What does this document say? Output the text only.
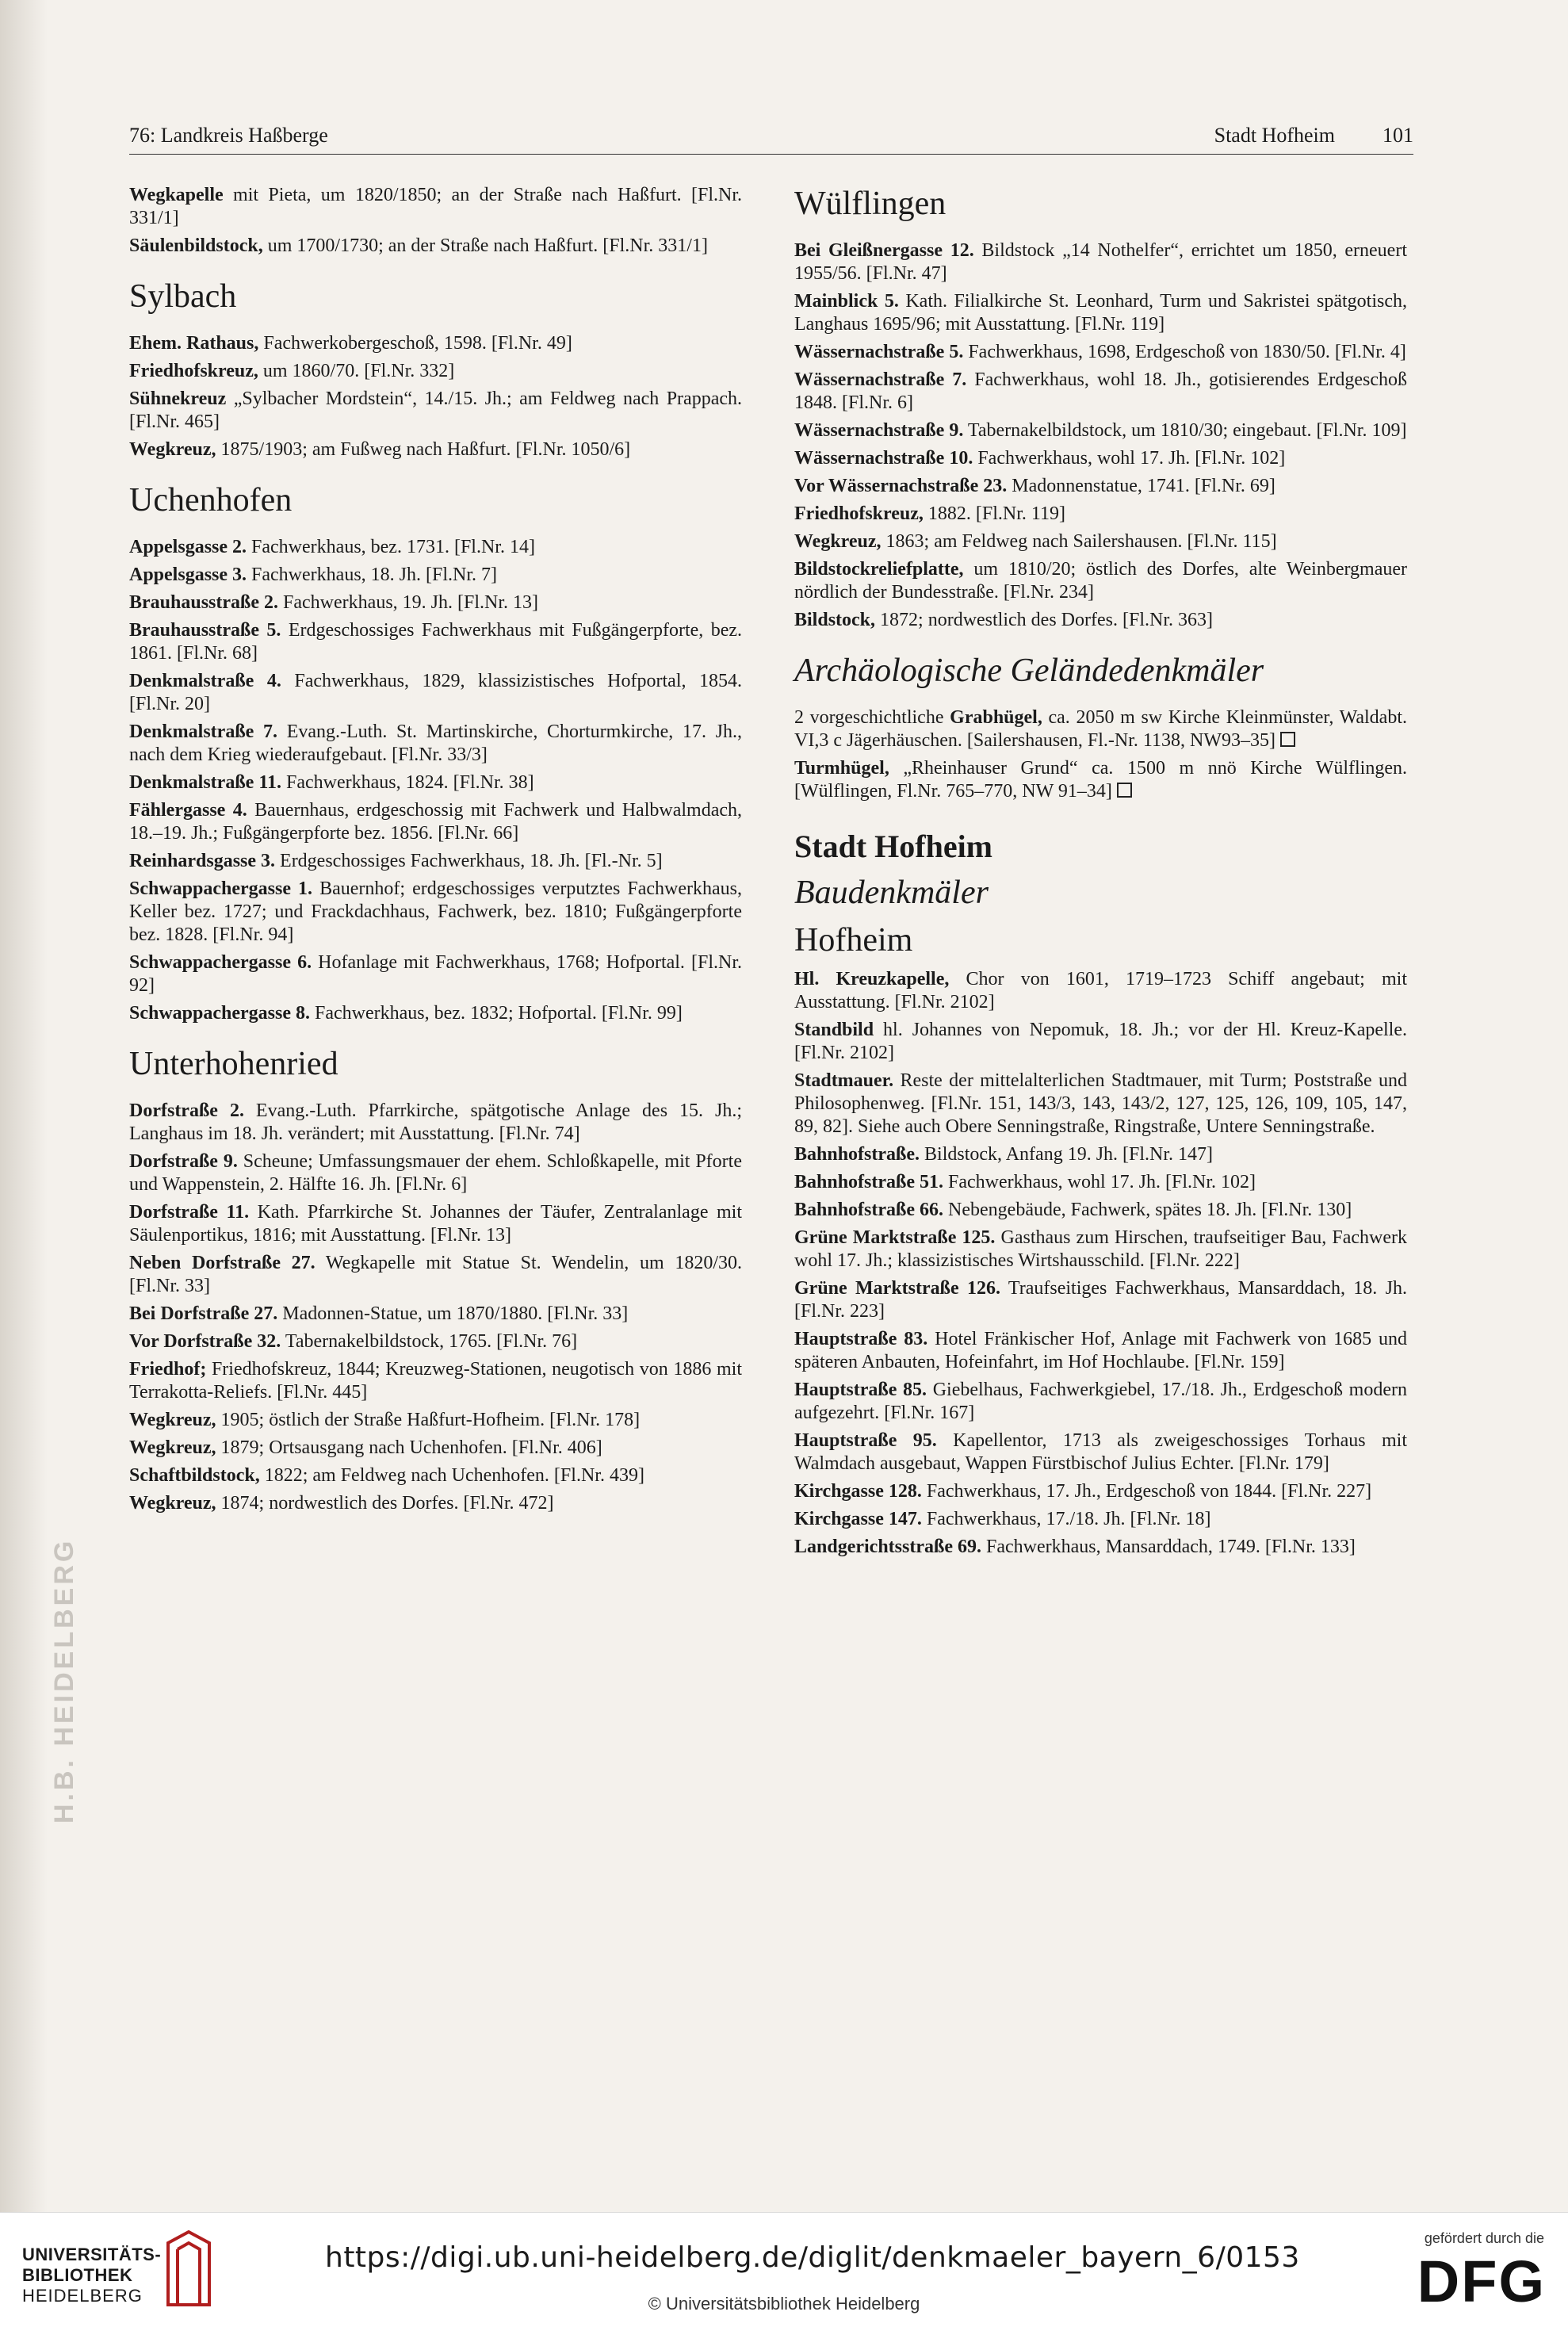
H.B. HEIDELBERG
76: Landkreis Haßberge	Stadt Hofheim 101

Wegkapelle mit Pieta, um 1820/1850; an der Straße nach Haßfurt. [Fl.Nr. 331/1]

Säulenbildstock, um 1700/1730; an der Straße nach Haßfurt. [Fl.Nr. 331/1]

Sylbach

Ehem. Rathaus, Fachwerkobergeschoß, 1598. [Fl.Nr. 49]

Friedhofskreuz, um 1860/70. [Fl.Nr. 332]

Sühnekreuz „Sylbacher Mordstein“, 14./15. Jh.; am Feldweg nach Prappach. [Fl.Nr. 465]

Wegkreuz, 1875/1903; am Fußweg nach Haßfurt. [Fl.Nr. 1050/6]

Uchenhofen

Appelsgasse 2. Fachwerkhaus, bez. 1731. [Fl.Nr. 14]

Appelsgasse 3. Fachwerkhaus, 18. Jh. [Fl.Nr. 7]

Brauhausstraße 2. Fachwerkhaus, 19. Jh. [Fl.Nr. 13]

Brauhausstraße 5. Erdgeschossiges Fachwerkhaus mit Fußgängerpforte, bez. 1861. [Fl.Nr. 68]

Denkmalstraße 4. Fachwerkhaus, 1829, klassizistisches Hofportal, 1854. [Fl.Nr. 20]

Denkmalstraße 7. Evang.-Luth. St. Martinskirche, Chorturmkirche, 17. Jh., nach dem Krieg wiederaufgebaut. [Fl.Nr. 33/3]

Denkmalstraße 11. Fachwerkhaus, 1824. [Fl.Nr. 38]

Fählergasse 4. Bauernhaus, erdgeschossig mit Fachwerk und Halbwalmdach, 18.–19. Jh.; Fußgängerpforte bez. 1856. [Fl.Nr. 66]

Reinhardsgasse 3. Erdgeschossiges Fachwerkhaus, 18. Jh. [Fl.-Nr. 5]

Schwappachergasse 1. Bauernhof; erdgeschossiges verputztes Fachwerkhaus, Keller bez. 1727; und Frackdachhaus, Fachwerk, bez. 1810; Fußgängerpforte bez. 1828. [Fl.Nr. 94]

Schwappachergasse 6. Hofanlage mit Fachwerkhaus, 1768; Hofportal. [Fl.Nr. 92]

Schwappachergasse 8. Fachwerkhaus, bez. 1832; Hofportal. [Fl.Nr. 99]

Unterhohenried

Dorfstraße 2. Evang.-Luth. Pfarrkirche, spätgotische Anlage des 15. Jh.; Langhaus im 18. Jh. verändert; mit Ausstattung. [Fl.Nr. 74]

Dorfstraße 9. Scheune; Umfassungsmauer der ehem. Schloßkapelle, mit Pforte und Wappenstein, 2. Hälfte 16. Jh. [Fl.Nr. 6]

Dorfstraße 11. Kath. Pfarrkirche St. Johannes der Täufer, Zentralanlage mit Säulenportikus, 1816; mit Ausstattung. [Fl.Nr. 13]

Neben Dorfstraße 27. Wegkapelle mit Statue St. Wendelin, um 1820/30. [Fl.Nr. 33]

Bei Dorfstraße 27. Madonnen-Statue, um 1870/1880. [Fl.Nr. 33]

Vor Dorfstraße 32. Tabernakelbildstock, 1765. [Fl.Nr. 76]

Friedhof; Friedhofskreuz, 1844; Kreuzweg-Stationen, neugotisch von 1886 mit Terrakotta-Reliefs. [Fl.Nr. 445]

Wegkreuz, 1905; östlich der Straße Haßfurt-Hofheim. [Fl.Nr. 178]

Wegkreuz, 1879; Ortsausgang nach Uchenhofen. [Fl.Nr. 406]

Schaftbildstock, 1822; am Feldweg nach Uchenhofen. [Fl.Nr. 439]

Wegkreuz, 1874; nordwestlich des Dorfes. [Fl.Nr. 472]

Wülflingen

Bei Gleißnergasse 12. Bildstock „14 Nothelfer“, errichtet um 1850, erneuert 1955/56. [Fl.Nr. 47]

Mainblick 5. Kath. Filialkirche St. Leonhard, Turm und Sakristei spätgotisch, Langhaus 1695/96; mit Ausstattung. [Fl.Nr. 119]

Wässernachstraße 5. Fachwerkhaus, 1698, Erdgeschoß von 1830/50. [Fl.Nr. 4]

Wässernachstraße 7. Fachwerkhaus, wohl 18. Jh., gotisierendes Erdgeschoß 1848. [Fl.Nr. 6]

Wässernachstraße 9. Tabernakelbildstock, um 1810/30; eingebaut. [Fl.Nr. 109]

Wässernachstraße 10. Fachwerkhaus, wohl 17. Jh. [Fl.Nr. 102]

Vor Wässernachstraße 23. Madonnenstatue, 1741. [Fl.Nr. 69]

Friedhofskreuz, 1882. [Fl.Nr. 119]

Wegkreuz, 1863; am Feldweg nach Sailershausen. [Fl.Nr. 115]

Bildstockreliefplatte, um 1810/20; östlich des Dorfes, alte Weinbergmauer nördlich der Bundesstraße. [Fl.Nr. 234]

Bildstock, 1872; nordwestlich des Dorfes. [Fl.Nr. 363]

Archäologische Geländedenkmäler

2 vorgeschichtliche Grabhügel, ca. 2050 m sw Kirche Kleinmünster, Waldabt. VI,3 c Jägerhäuschen. [Sailershausen, Fl.-Nr. 1138, NW93–35]

Turmhügel, „Rheinhauser Grund“ ca. 1500 m nnö Kirche Wülflingen. [Wülflingen, Fl.Nr. 765–770, NW 91–34]

Stadt Hofheim
Baudenkmäler
Hofheim

Hl. Kreuzkapelle, Chor von 1601, 1719–1723 Schiff angebaut; mit Ausstattung. [Fl.Nr. 2102]

Standbild hl. Johannes von Nepomuk, 18. Jh.; vor der Hl. Kreuz-Kapelle. [Fl.Nr. 2102]

Stadtmauer. Reste der mittelalterlichen Stadtmauer, mit Turm; Poststraße und Philosophenweg. [Fl.Nr. 151, 143/3, 143, 143/2, 127, 125, 126, 109, 105, 147, 89, 82]. Siehe auch Obere Senningstraße, Ringstraße, Untere Senningstraße.

Bahnhofstraße. Bildstock, Anfang 19. Jh. [Fl.Nr. 147]

Bahnhofstraße 51. Fachwerkhaus, wohl 17. Jh. [Fl.Nr. 102]

Bahnhofstraße 66. Nebengebäude, Fachwerk, spätes 18. Jh. [Fl.Nr. 130]

Grüne Marktstraße 125. Gasthaus zum Hirschen, traufseitiger Bau, Fachwerk wohl 17. Jh.; klassizistisches Wirtshausschild. [Fl.Nr. 222]

Grüne Marktstraße 126. Traufseitiges Fachwerkhaus, Mansarddach, 18. Jh. [Fl.Nr. 223]

Hauptstraße 83. Hotel Fränkischer Hof, Anlage mit Fachwerk von 1685 und späteren Anbauten, Hofeinfahrt, im Hof Hochlaube. [Fl.Nr. 159]

Hauptstraße 85. Giebelhaus, Fachwerkgiebel, 17./18. Jh., Erdgeschoß modern aufgezehrt. [Fl.Nr. 167]

Hauptstraße 95. Kapellentor, 1713 als zweigeschossiges Torhaus mit Walmdach ausgebaut, Wappen Fürstbischof Julius Echter. [Fl.Nr. 179]

Kirchgasse 128. Fachwerkhaus, 17. Jh., Erdgeschoß von 1844. [Fl.Nr. 227]

Kirchgasse 147. Fachwerkhaus, 17./18. Jh. [Fl.Nr. 18]

Landgerichtsstraße 69. Fachwerkhaus, Mansarddach, 1749. [Fl.Nr. 133]

UNIVERSITÄTS-
BIBLIOTHEK
HEIDELBERG
https://digi.ub.uni-heidelberg.de/diglit/denkmaeler_bayern_6/0153
© Universitätsbibliothek Heidelberg
gefördert durch die
DFG
